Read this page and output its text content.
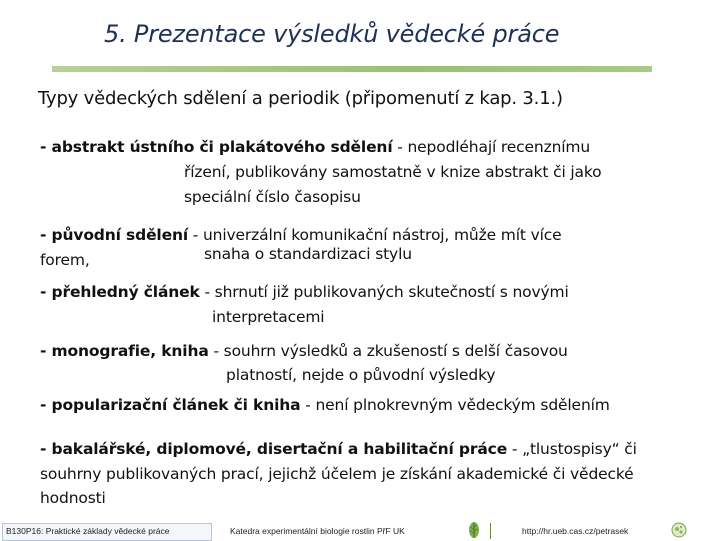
5. Prezentace výsledků vědecké práce
Typy vědeckých sdělení a periodik (připomenutí z kap. 3.1.)
- abstrakt ústního či plakátového sdělení - nepodléhají recenznímu
řízení, publikovány samostatně v knize abstrakt či jako
speciální číslo časopisu
- původní sdělení - univerzální komunikační nástroj, může mít více
forem,	snaha o standardizaci stylu
- přehledný článek - shrnutí již publikovaných skutečností s novými
interpretacemi
- monografie, kniha - souhrn výsledků a zkušeností s delší časovou
platností, nejde o původní výsledky
- popularizační článek či kniha - není plnokrevným vědeckým sdělením
- bakalářské, diplomové, disertační a habilitační práce - „tlustospisy“ či
souhrny publikovaných prací, jejichž účelem je získání akademické či vědecké
hodnosti
B130P16: Praktické základy vědecké práce	Katedra experimentální biologie rostlin PřF UK	http://hr.ueb.cas.cz/petrasek
